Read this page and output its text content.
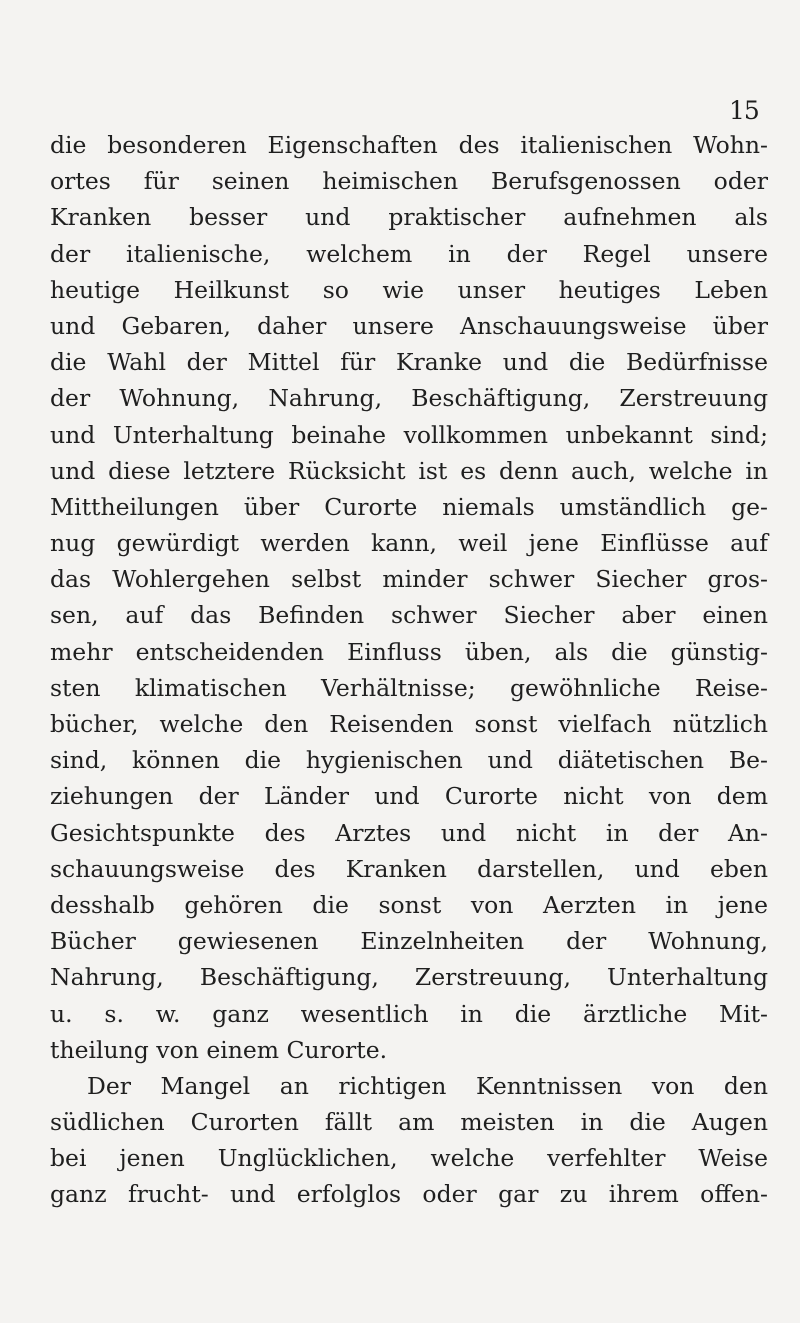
15
die besonderen Eigenschaften des italienischen Wohn-
ortes für seinen heimischen Berufsgenossen oder
Kranken besser und praktischer aufnehmen als
der italienische, welchem in der Regel unsere
heutige Heilkunst so wie unser heutiges Leben
und Gebaren, daher unsere Anschauungsweise über
die Wahl der Mittel für Kranke und die Bedürfnisse
der Wohnung, Nahrung, Beschäftigung, Zerstreuung
und Unterhaltung beinahe vollkommen unbekannt sind;
und diese letztere Rücksicht ist es denn auch, welche in
Mittheilungen über Curorte niemals umständlich ge-
nug gewürdigt werden kann, weil jene Einflüsse auf
das Wohlergehen selbst minder schwer Siecher gros-
sen, auf das Befinden schwer Siecher aber einen
mehr entscheidenden Einfluss üben, als die günstig-
sten klimatischen Verhältnisse; gewöhnliche Reise-
bücher, welche den Reisenden sonst vielfach nützlich
sind, können die hygienischen und diätetischen Be-
ziehungen der Länder und Curorte nicht von dem
Gesichtspunkte des Arztes und nicht in der An-
schauungsweise des Kranken darstellen, und eben
desshalb gehören die sonst von Aerzten in jene
Bücher gewiesenen Einzelnheiten der Wohnung,
Nahrung, Beschäftigung, Zerstreuung, Unterhaltung
u. s. w. ganz wesentlich in die ärztliche Mit-
theilung von einem Curorte.
Der Mangel an richtigen Kenntnissen von den
südlichen Curorten fällt am meisten in die Augen
bei jenen Unglücklichen, welche verfehlter Weise
ganz frucht- und erfolglos oder gar zu ihrem offen-
